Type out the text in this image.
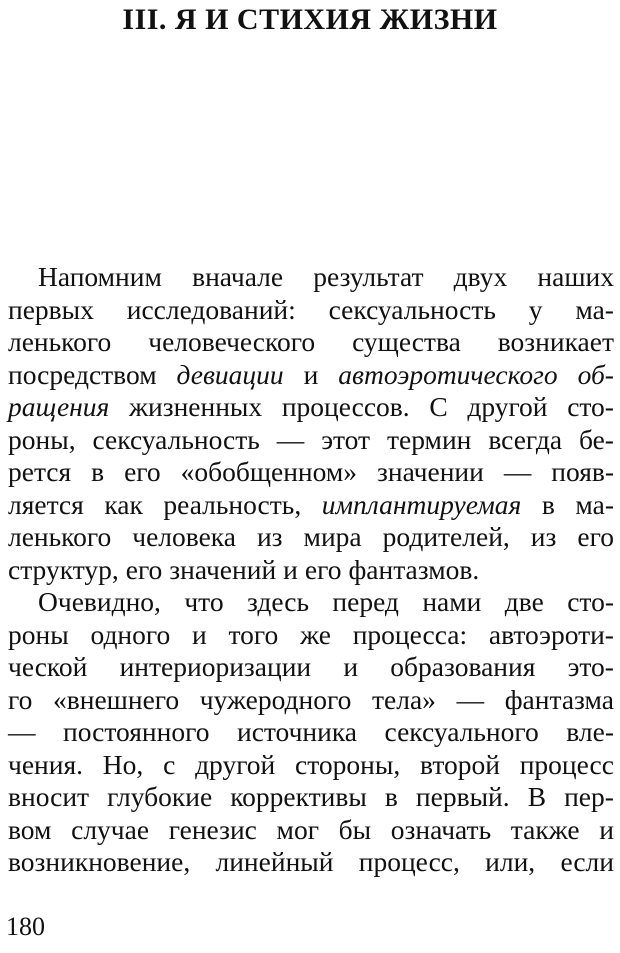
III. Я И СТИХИЯ ЖИЗНИ
Напомним вначале результат двух наших
первых исследований: сексуальность у ма-
ленького человеческого существа возникает
посредством девиации и автоэротического об-
ращения жизненных процессов. С другой сто-
роны, сексуальность — этот термин всегда бе-
рется в его «обобщенном» значении — появ-
ляется как реальность, имплантируемая в ма-
ленького человека из мира родителей, из его
структур, его значений и его фантазмов.
Очевидно, что здесь перед нами две сто-
роны одного и того же процесса: автоэроти-
ческой интериоризации и образования это-
го «внешнего чужеродного тела» — фантазма
— постоянного источника сексуального вле-
чения. Но, с другой стороны, второй процесс
вносит глубокие коррективы в первый. В пер-
вом случае генезис мог бы означать также и
возникновение, линейный процесс, или, если
180
